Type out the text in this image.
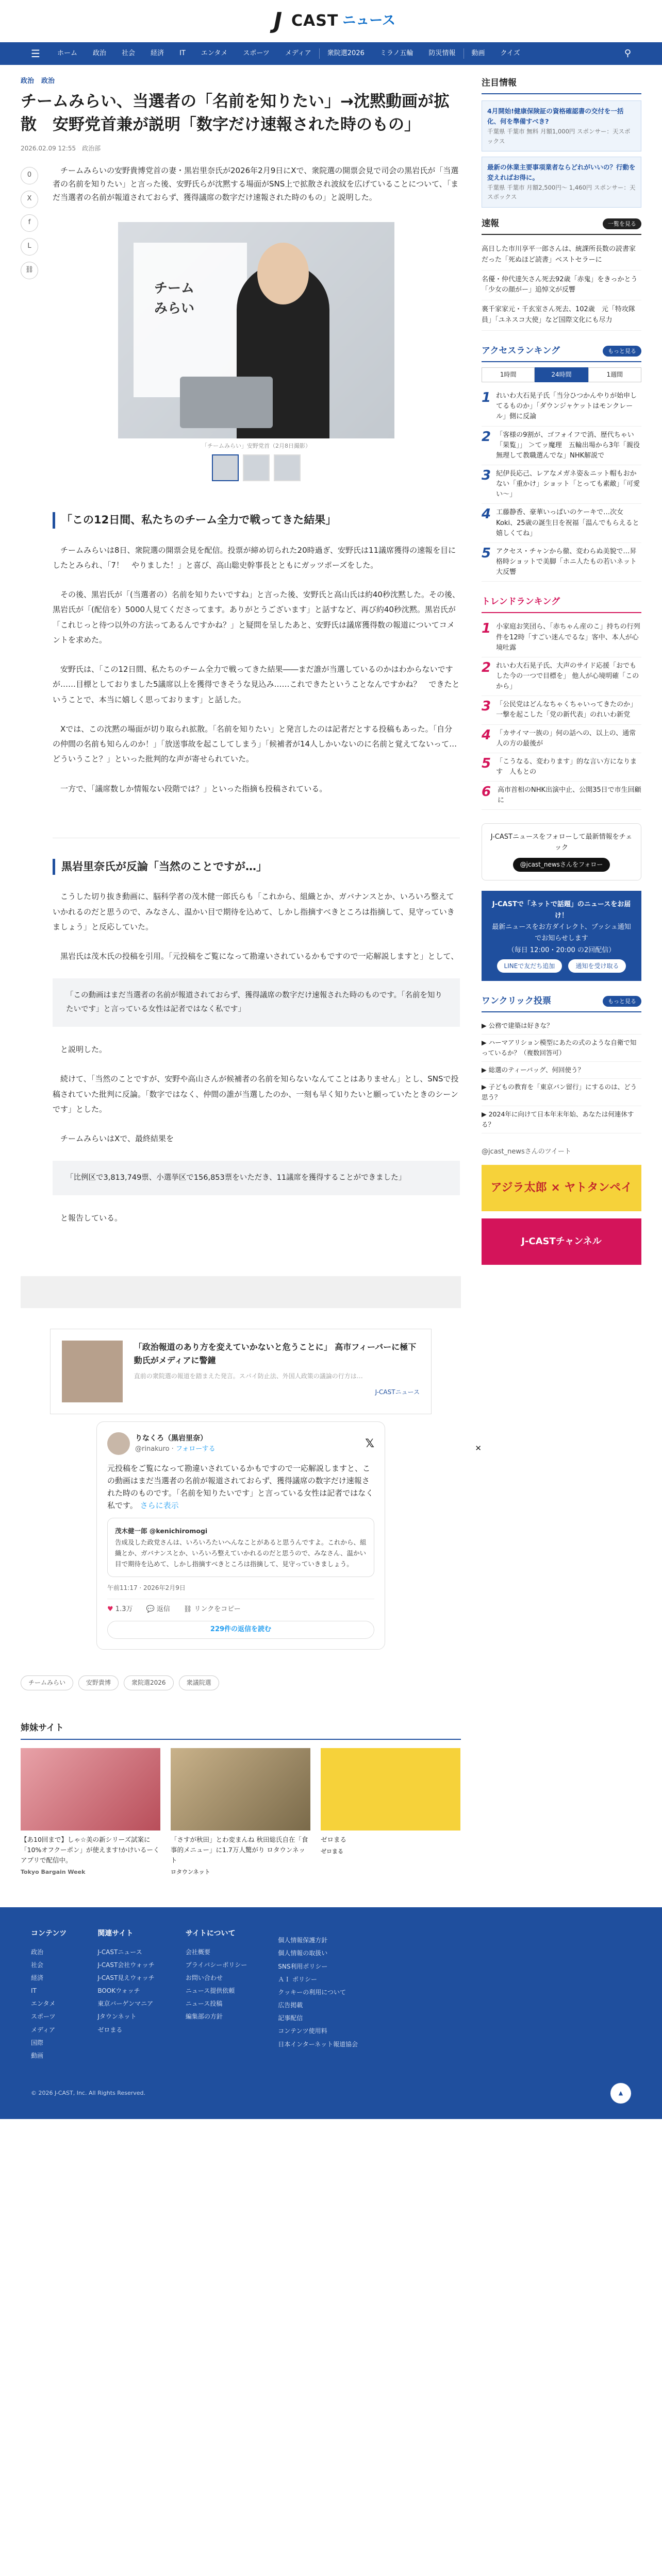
J CAST ニュース
☰	ホーム	政治	社会	経済	IT	エンタメ	スポーツ	メディア	衆院選2026	ミラノ五輪	防災情報	動画	クイズ	⚲
政治 政治
チームみらい、当選者の「名前を知りたい」→沈黙動画が拡散　安野党首兼が説明「数字だけ速報された時のもの」
2026.02.09 12:55　政治部
0
X
f
L
⛓

チームみらいの安野貴博党首の妻・黒岩里奈氏が2026年2月9日にXで、衆院選の開票会見で司会の黒岩氏が「当選者の名前を知りたい」と言った後、安野氏らが沈黙する場面がSNS上で拡散され波紋を広げていることについて、「まだ当選者の名前が報道されておらず、獲得議席の数字だけ速報された時のもの」と説明した。

チーム
みらい
「チームみらい」安野党首（2月8日撮影）
「この12日間、私たちのチーム全力で戦ってきた結果」

チームみらいは8日、衆院選の開票会見を配信。投票が締め切られた20時過ぎ、安野氏は11議席獲得の速報を目にしたとみられ、「7！　やりました！」と喜び、高山聡史幹事長とともにガッツポーズをした。

その後、黒岩氏が「(当選者の）名前を知りたいですね」と言った後、安野氏と高山氏は約40秒沈黙した。その後、黒岩氏が「(配信を）5000人見てくださってます。ありがとうございます」と話すなど、再び約40秒沈黙。黒岩氏が「これじっと待つ以外の方法ってあるんですかね？」と疑問を呈したあと、安野氏は議席獲得数の報道についてコメントを求めた。

安野氏は、「この12日間、私たちのチーム全力で戦ってきた結果――まだ誰が当選しているのかはわからないですが……目標としておりました5議席以上を獲得できそうな見込み……これできたということなんですかね？　できたということで、本当に嬉しく思っております」と話した。

Xでは、この沈黙の場面が切り取られ拡散。「名前を知りたい」と発言したのは記者だとする投稿もあった。「自分の仲間の名前も知らんのか！」「放送事故を起こしてしまう」「候補者が14人しかいないのに名前と覚えてないって…どういうこと？」といった批判的な声が寄せられていた。

一方で、「議席数しか情報ない段階では？」といった指摘も投稿されている。

黒岩里奈氏が反論「当然のことですが…」

こうした切り抜き動画に、脳科学者の茂木健一郎氏らも「これから、組織とか、ガバナンスとか、いろいろ整えていかれるのだと思うので、みなさん、温かい目で期待を込めて、しかし指摘すべきところは指摘して、見守っていきましょう」と反応していた。

黒岩氏は茂木氏の投稿を引用。「元投稿をご覧になって勘違いされているかもですので一応解説しますと」として、

「この動画はまだ当選者の名前が報道されておらず、獲得議席の数字だけ速報された時のものです。「名前を知りたいです」と言っている女性は記者ではなく私です」

と説明した。

続けて、「当然のことですが、安野や高山さんが候補者の名前を知らないなんてことはありません」とし、SNSで投稿されていた批判に反論。「数字ではなく、仲間の誰が当選したのか、一刻も早く知りたいと願っていたときのシーンです」とした。

チームみらいはXで、最終結果を

「比例区で3,813,749票、小選挙区で156,853票をいただき、11議席を獲得することができました」

と報告している。

「政治報道のあり方を変えていかないと危うことに」 高市フィーバーに極下動氏がメディアに警鐘
直前の衆院選の報道を踏まえた発言。スパイ防止法、外国人政策の議論の行方は…
J-CASTニュース
りなくろ（黒岩里奈）
@rinakuro · フォローする	𝕏
元投稿をご覧になって勘違いされているかもですので一応解説しますと、この動画はまだ当選者の名前が報道されておらず、獲得議席の数字だけ速報された時のものです。「名前を知りたいです」と言っている女性は記者ではなく私です。 さらに表示
茂木健一郎 @kenichiromogi
告成及した政党さんは、いろいろたいへんなことがあると思うんですよ。これから、組織とか、ガバナンスとか、いろいろ整えていかれるのだと思うので、みなさん、温かい目で期待を込めて、しかし指摘すべきところは指摘して、見守っていきましょう。
午前11:17 · 2026年2月9日
♥ 1.3万 💬 返信 ⛓ リンクをコピー
229件の返信を読む
✕
チームみらい	安野貴博	衆院選2026	衆議院選
注目情報
4月開始!健康保険証の資格確認書の交付を一括化、何を準備すべき?
千葉県 千葉市 無料 月額1,000円 スポンサー：天スポックス
最新の休業主要事項業者ならどれがいいの？行動を変えればお得に。
千葉県 千葉市 月額2,500円～ 1,460円 スポンサー：天スポックス
速報	一覧を見る
高日した市川享平一郎さんは、統課所長数の読書家だった「死ぬほど読書」ベストセラーに
名優・仲代達矢さん死去92歳「赤鬼」をきっかとう「少女の顔がー」追悼文が反響
裏千家家元・千玄室さん死去、102歳　元「特攻隊員」「ユネスコ大使」など国際文化にも尽力
アクセスランキング	もっと見る
1時間	24時間	1週間
1 れいわ大石晃子氏「当分ひつかんやりが始申してるものか」「ダウンジャケットはモンクレール」側に反論
2 「客様の9割が、ゴフォイフで消、歴代ちゃい「果覧」」 ＞てッ魔理　五輪出場から3年「親役無理して教職選んでな」NHK解説で
3 紀伊長応己、レアなメガネ姿＆ニット帽もおかない「重かけ」ショット「とっても素敵」「可愛い～」
4 工藤静香、豪華いっぱいのケーキで…次女Koki、25歳の誕生日を祝福「温んでもらえると嬉しくてね」
5 アクセス・チャンから徹、変わらぬ美貌で…昇格時ショットで美脚「ホニ人たもの若いネット大反響
トレンドランキング
1 小家庭お笑団ら、「赤ちゃん産のこ」持ちの行列件を12時「すごい迷んでるな」客中、本人が心境吐露
2 れいわ大石晃子氏、大声のサイド応援「おでもした今の一つで目標を」 他人が心境明確「このから」
3 「公民党はどんなちゃくちゃいってきたのか」一撃を起こした「党の新代表」のれいわ新党
4 「カサイマ一族の」何の話への、以上の、通常人の方の最後が
5 「こうなる、変わります」的な言い方になります　人もとの
6 高市首相のNHK出演中止、公開35日で市生回顧に
J-CASTニュースをフォローして最新情報をチェック
@jcast_newsさんをフォロー
J-CASTで「ネットで話題」のニュースをお届け！
最新ニュースをお方ダイレクト、プッシュ通知でお知らせします
（毎日 12:00・20:00 の2回配信）
LINEで友だち追加	通知を受け取る
ワンクリック投票	もっと見る
▶ 公務で建築は好きな？
▶ ハーマアリション模型にあたの式のような自衛で知っているか？（複数回答可）
▶ 総選のティーバッグ、何回使う？
▶ 子どもの教育を「東京バン留行」にするのは、どう思う？
▶ 2024年に向けて日本年末年始、あなたは何連休する？
@jcast_newsさんのツイート
アジラ太郎 × ヤトタンペイ
J-CASTチャンネル
姉妹サイト
【あ10回まで】しゃ☆美の新シリーズ試案に「10%オフクーポン」が使えます!かけいるーくアプリで配信中。
Tokyo Bargain Week
「さすが秋田」とわ変まんね 秋田総氏自在「食事的メニュー」に1.7万人驚がり ロタウンネット
ロタウンネット
ゼロまる
ゼロまる
コンテンツ
政治
社会
経済
IT
エンタメ
スポーツ
メディア
国際
動画
関連サイト
J-CASTニュース
J-CAST会社ウォッチ
J-CAST見えウォッチ
BOOKウォッチ
東京バーゲンマニア
Jタウンネット
ゼロまる
サイトについて
会社概要
プライバシーポリシー
お問い合わせ
ニュース提供依頼
ニュース投稿
編集部の方針
個人情報保護方針
個人情報の取扱い
SNS利用ポリシー
ＡＩ ポリシー
クッキーの利用について
広告掲載
記事配信
コンテンツ使用料
日本インターネット報道協会
© 2026 J-CAST, Inc. All Rights Reserved.	▲
